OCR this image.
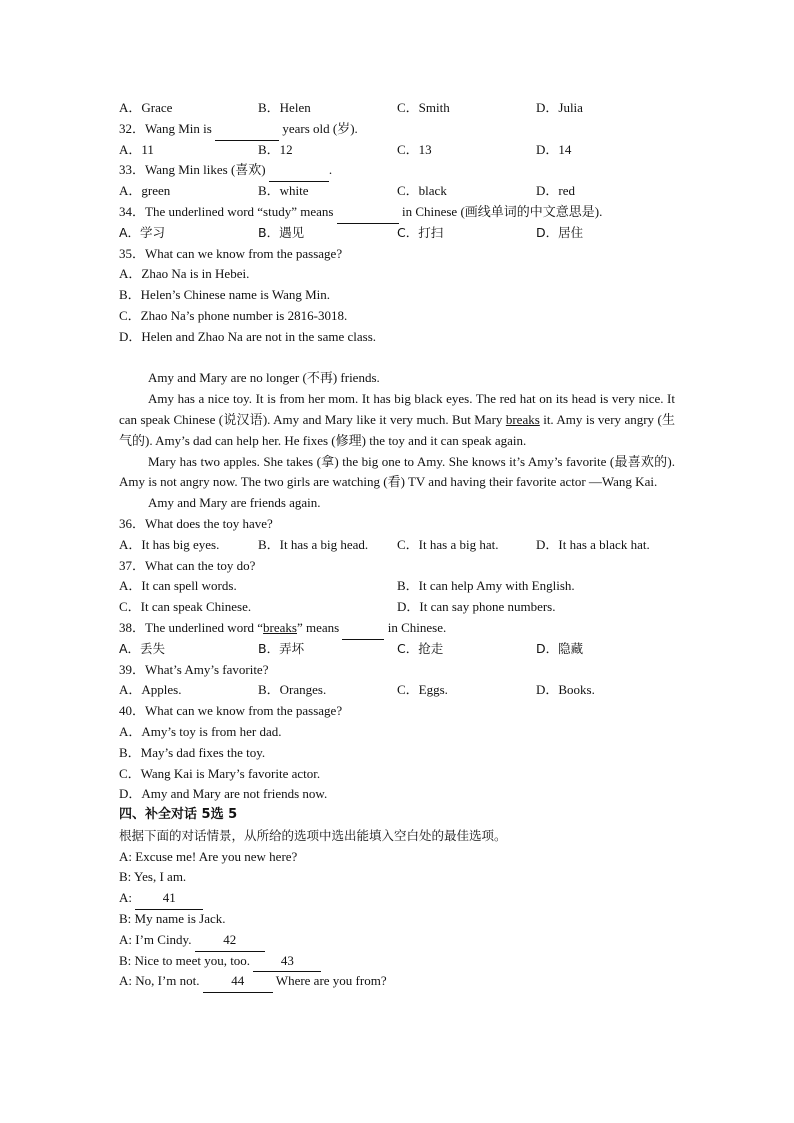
A．Grace	B．Helen	C．Smith	D．Julia
32．Wang Min is	years old (岁).
A．11	B．12	C．13	D．14
33．Wang Min likes (喜欢)	.
A．green	B．white	C．black	D．red
34．The underlined word “study” means	in Chinese (画线单词的中文意思是).
A．学习	B．遇见	C．打扫	D．居住
35．What can we know from the passage?
A．Zhao Na is in Hebei.
B．Helen’s Chinese name is Wang Min.
C．Zhao Na’s phone number is 2816-3018.
D．Helen and Zhao Na are not in the same class.
Amy and Mary are no longer (不再) friends.
Amy has a nice toy. It is from her mom. It has big black eyes. The red hat on its head is very nice. It can speak Chinese (说汉语). Amy and Mary like it very much. But Mary breaks it. Amy is very angry (生气的). Amy’s dad can help her. He fixes (修理) the toy and it can speak again.
Mary has two apples. She takes (拿) the big one to Amy. She knows it’s Amy’s favorite (最喜欢的). Amy is not angry now. The two girls are watching (看) TV and having their favorite actor —Wang Kai.
Amy and Mary are friends again.
36．What does the toy have?
A．It has big eyes.	B．It has a big head.	C．It has a big hat.	D．It has a black hat.
37．What can the toy do?
A．It can spell words.	B．It can help Amy with English.
C．It can speak Chinese.	D．It can say phone numbers.
38．The underlined word “breaks” means	in Chinese.
A．丢失	B．弄坏	C．抢走	D．隐藏
39．What’s Amy’s favorite?
A．Apples.	B．Oranges.	C．Eggs.	D．Books.
40．What can we know from the passage?
A．Amy’s toy is from her dad.
B．May’s dad fixes the toy.
C．Wang Kai is Mary’s favorite actor.
D．Amy and Mary are not friends now.
四、补全对话 5选 5
根据下面的对话情景，从所给的选项中选出能填入空白处的最佳选项。
A: Excuse me! Are you new here?
B: Yes, I am.
A: 41
B: My name is Jack.
A: I’m Cindy. 42
B: Nice to meet you, too. 43
A: No, I’m not. 44 Where are you from?
